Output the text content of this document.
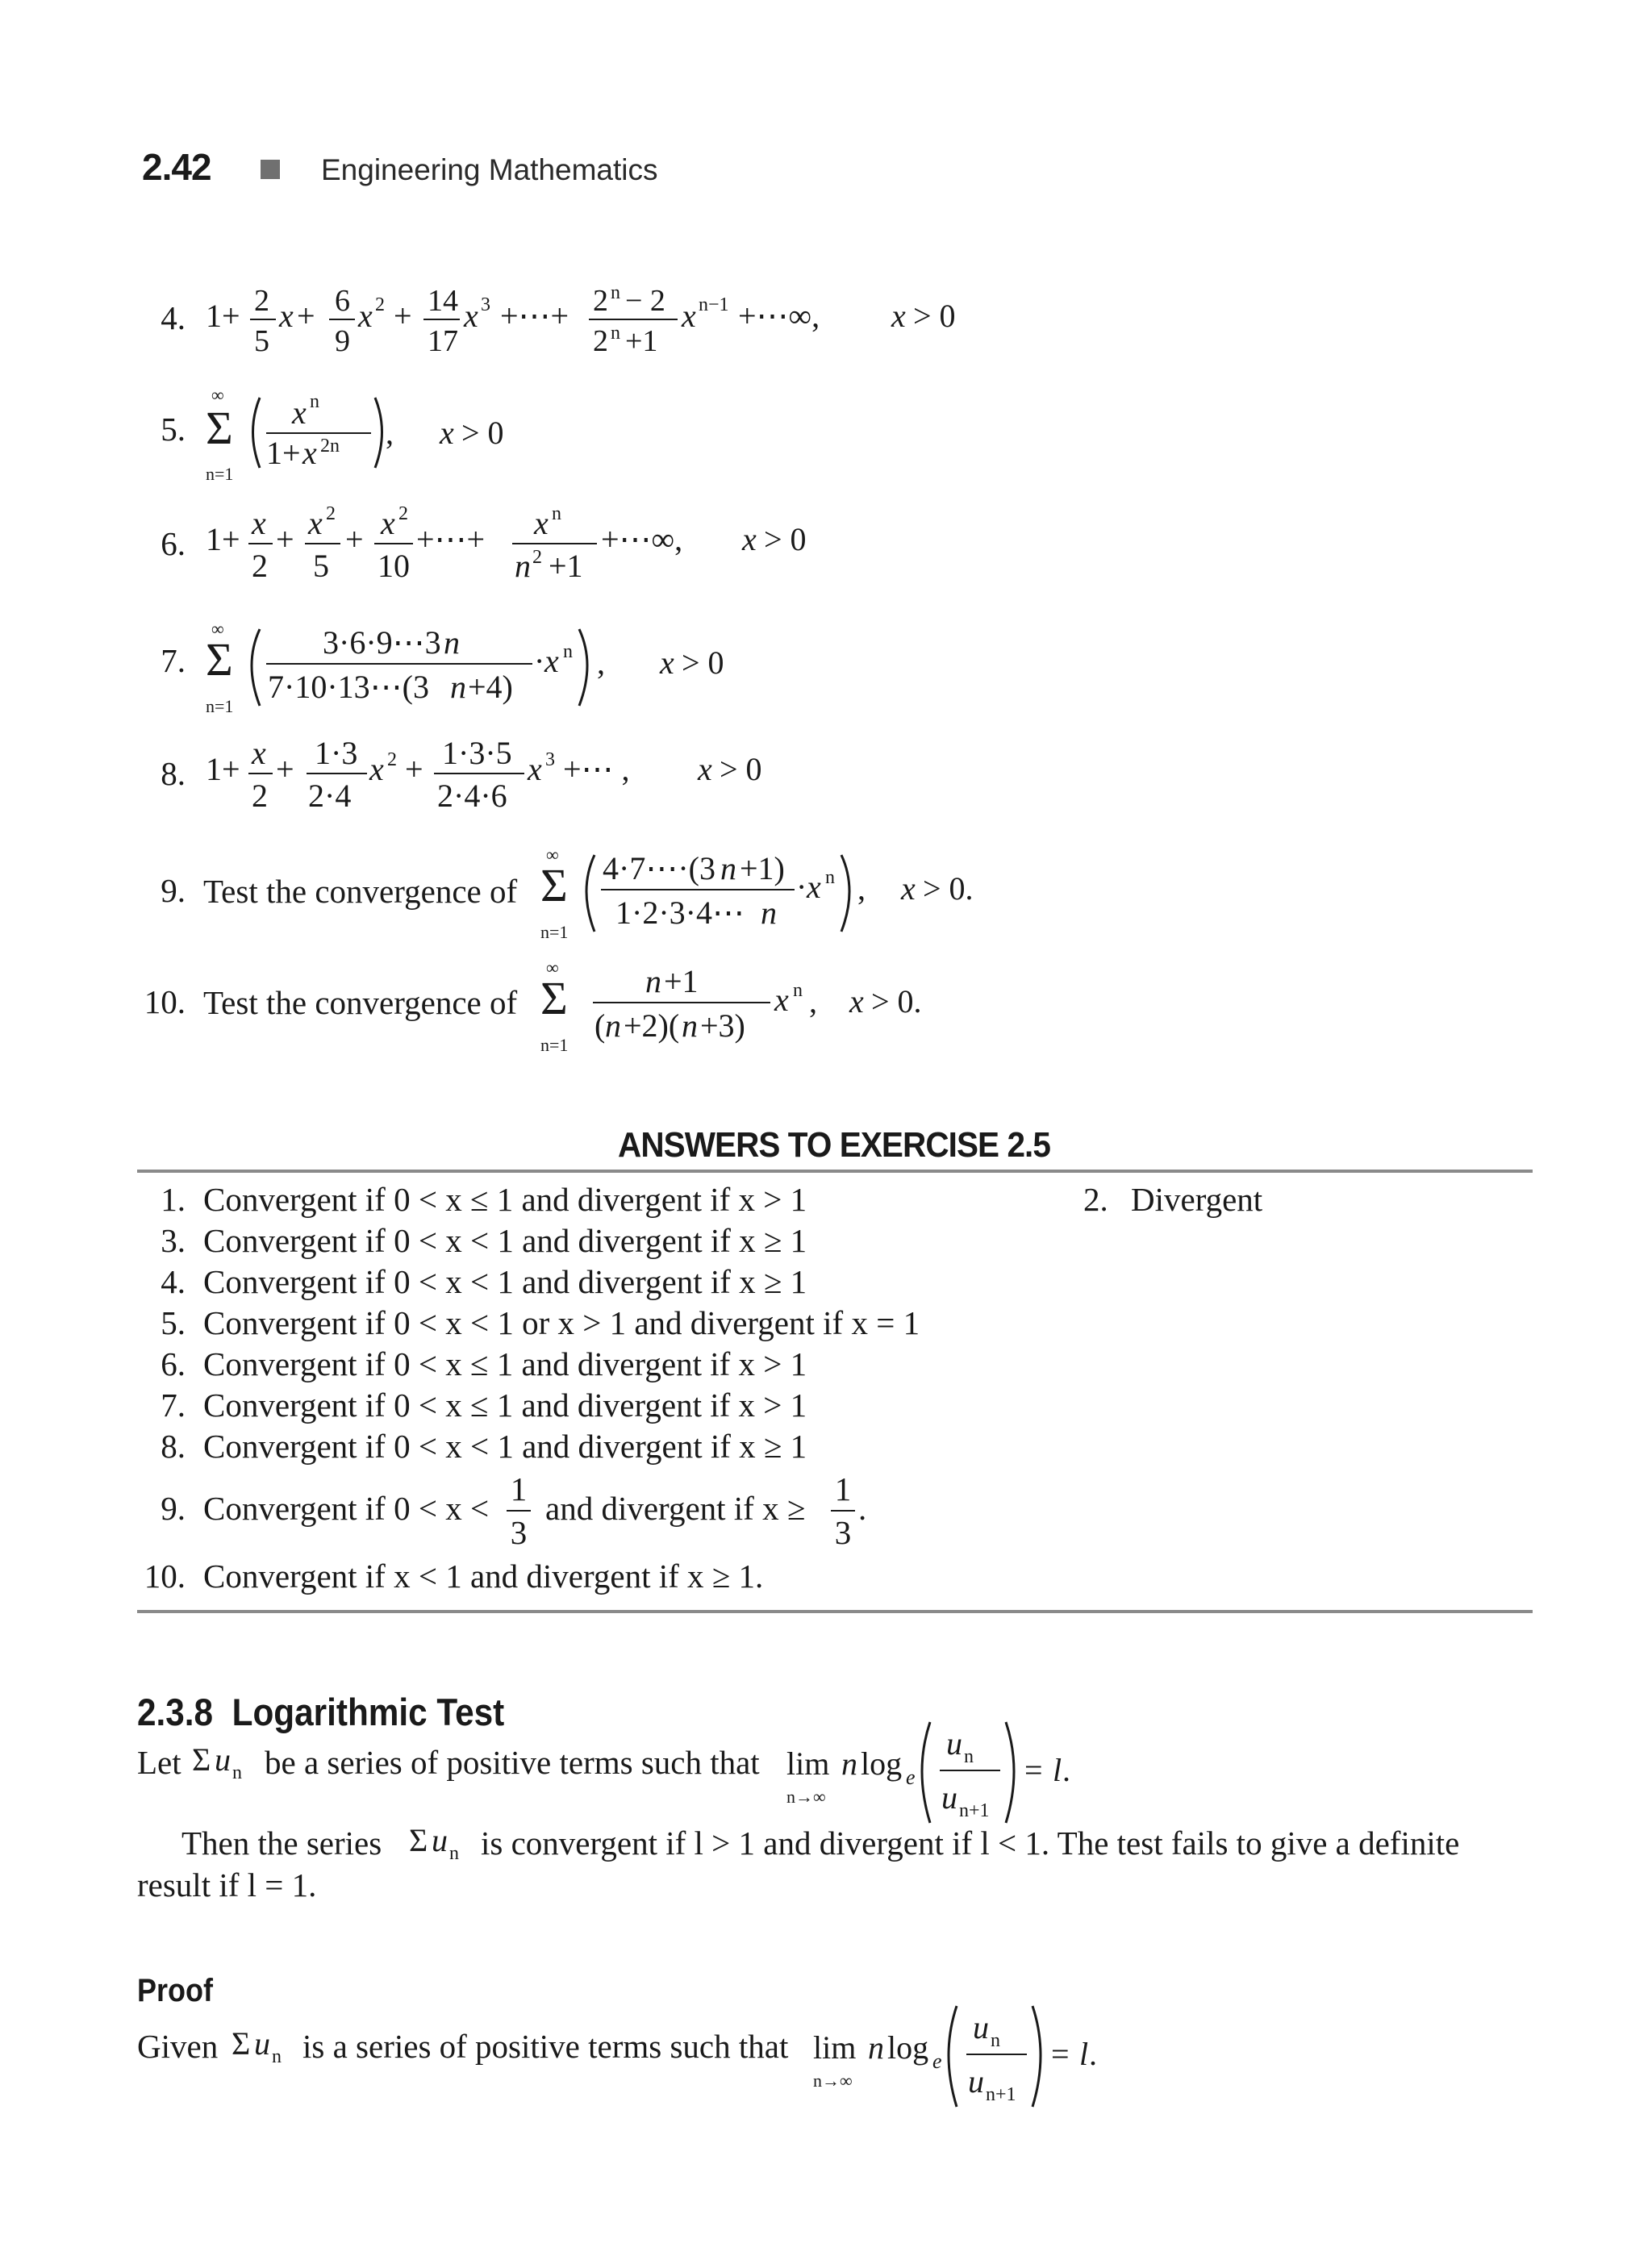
2.42	Engineering Mathematics
4. 1+ 2
5
x + 6
9
x 2 + 14
17
x 3 +⋯+ 2 n − 2
2 n +1
x n−1 +⋯∞, x > 0
5.
∞
Σ
n=1
x n
1+ x 2n , x > 0
6. 1+ x
2
+ x 2
5
+ x 2
10
+⋯+ x n
n 2 +1
+⋯∞, x > 0
7.
∞
Σ
n=1
3·6·9⋯3 n
7·10·13⋯(3 n +4)
· x n , x > 0
8. 1+ x
2
+ 1·3
2·4
x 2 + 1·3·5
2·4·6
x 3 +⋯ , x > 0
9. Test the convergence of
∞
Σ
n=1
4·7⋯·(3 n +1)
1·2·3·4⋯ n
· x n , x > 0.
10. Test the convergence of
∞
Σ
n=1
n +1
( n +2)( n +3)
x n , x > 0.
ANSWERS TO EXERCISE 2.5
1. Convergent if 0 < x ≤ 1 and divergent if x > 1	2. Divergent
3. Convergent if 0 < x < 1 and divergent if x ≥ 1
4. Convergent if 0 < x < 1 and divergent if x ≥ 1
5. Convergent if 0 < x < 1 or x > 1 and divergent if x = 1
6. Convergent if 0 < x ≤ 1 and divergent if x > 1
7. Convergent if 0 < x ≤ 1 and divergent if x > 1
8. Convergent if 0 < x < 1 and divergent if x ≥ 1
9. Convergent if 0 < x <
1
3
and divergent if x ≥
1
3
.
10. Convergent if x < 1 and divergent if x ≥ 1.
2.3.8 Logarithmic Test
Let Σ u n be a series of positive terms such that lim
n→∞
n log e
u n
u n+1
= l .
Then the series Σ u n is convergent if l > 1 and divergent if l < 1. The test fails to give a definite
result if l = 1.
Proof
Given Σ u n is a series of positive terms such that lim
n→∞
n log e
u n
u n+1
= l .
